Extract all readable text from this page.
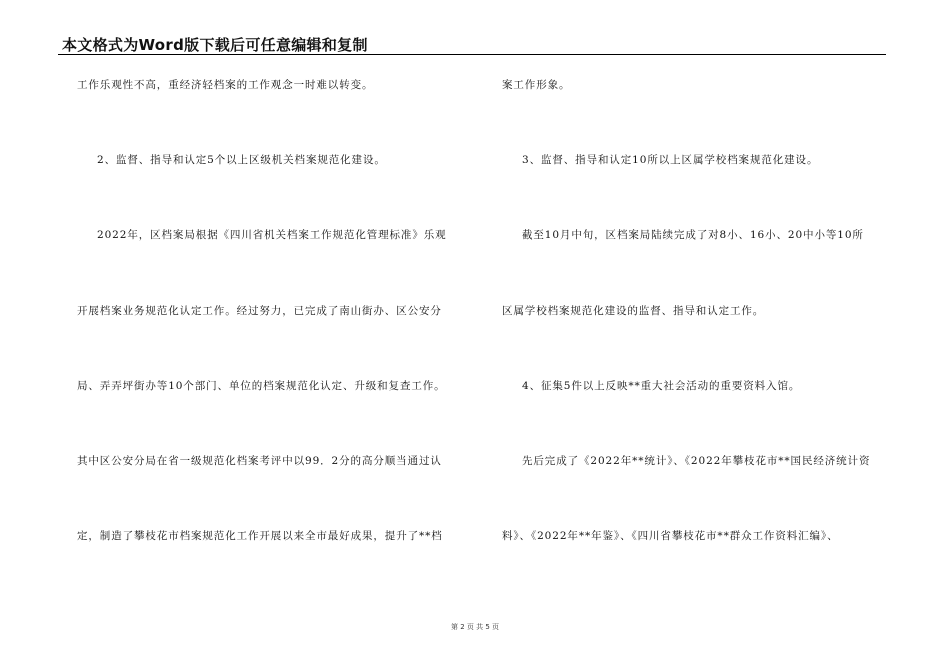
本文格式为Word版下载后可任意编辑和复制
工作乐观性不高，重经济轻档案的工作观念一时难以转变。
2、监督、指导和认定5个以上区级机关档案规范化建设。
2022年，区档案局根据《四川省机关档案工作规范化管理标准》乐观
开展档案业务规范化认定工作。经过努力，已完成了南山街办、区公安分
局、弄弄坪街办等10个部门、单位的档案规范化认定、升级和复查工作。
其中区公安分局在省一级规范化档案考评中以99．2分的高分顺当通过认
定，制造了攀枝花市档案规范化工作开展以来全市最好成果，提升了**档
案工作形象。
3、监督、指导和认定10所以上区属学校档案规范化建设。
截至10月中旬，区档案局陆续完成了对8小、16小、20中小等10所
区属学校档案规范化建设的监督、指导和认定工作。
4、征集5件以上反映**重大社会活动的重要资料入馆。
先后完成了《2022年**统计》、《2022年攀枝花市**国民经济统计资
料》、《2022年**年鉴》、《四川省攀枝花市**群众工作资料汇编》、
第 2 页 共 5 页
